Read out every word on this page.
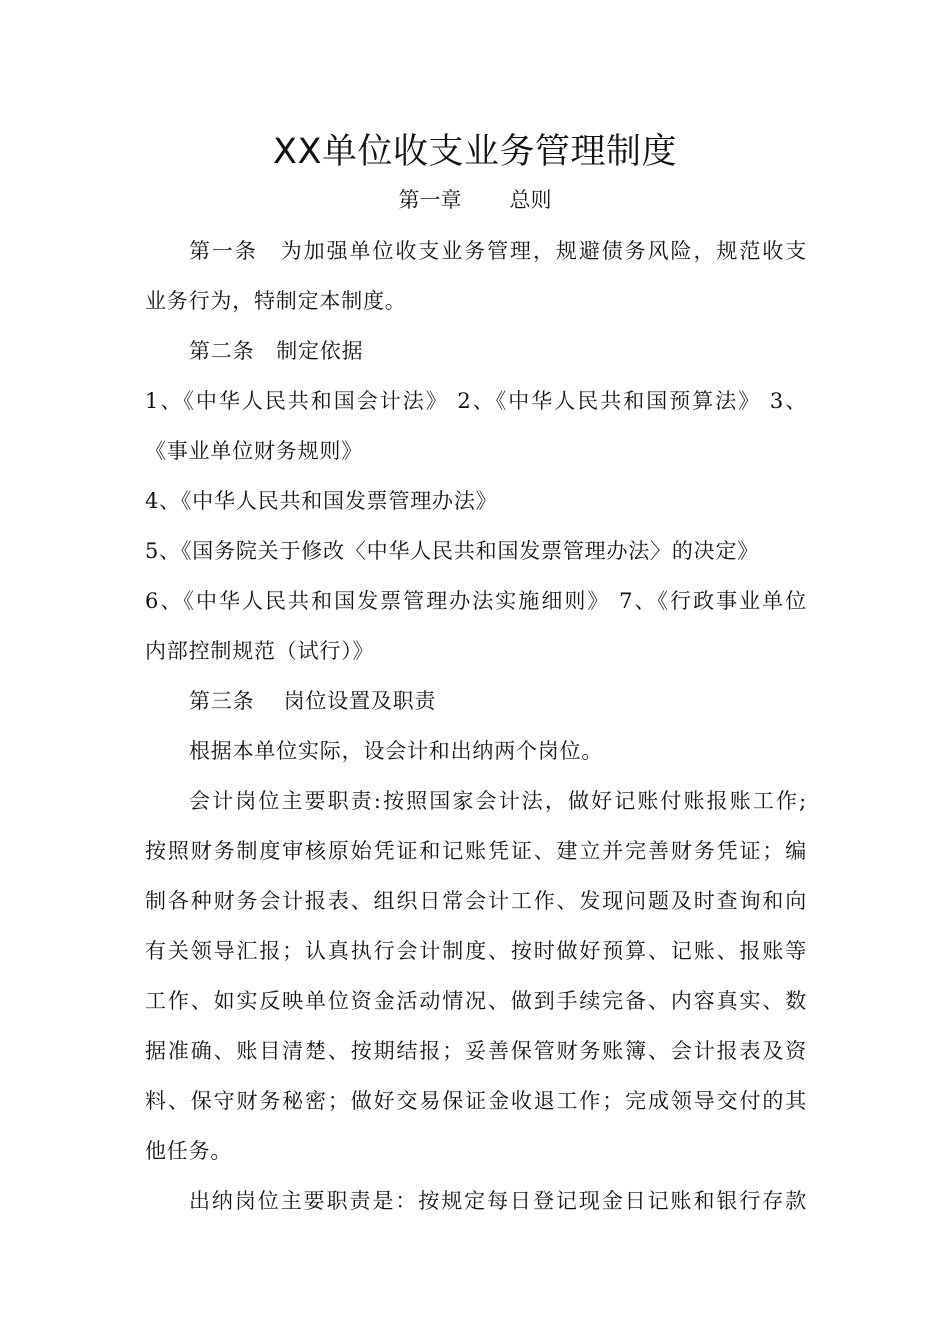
XX单位收支业务管理制度
第一章 总则
第一条　为加强单位收支业务管理，规避债务风险，规范收支
业务行为，特制定本制度。
第二条　制定依据
1、《中华人民共和国会计法》 2、《中华人民共和国预算法》 3、
《事业单位财务规则》
4、《中华人民共和国发票管理办法》
5、《国务院关于修改〈中华人民共和国发票管理办法〉的决定》
6、《中华人民共和国发票管理办法实施细则》 7、《行政事业单位
内部控制规范（试行）》
第三条　 岗位设置及职责
根据本单位实际，设会计和出纳两个岗位。
会计岗位主要职责:按照国家会计法，做好记账付账报账工作;
按照财务制度审核原始凭证和记账凭证、建立并完善财务凭证；编
制各种财务会计报表、组织日常会计工作、发现问题及时查询和向
有关领导汇报；认真执行会计制度、按时做好预算、记账、报账等
工作、如实反映单位资金活动情况、做到手续完备、内容真实、数
据准确、账目清楚、按期结报；妥善保管财务账簿、会计报表及资
料、保守财务秘密；做好交易保证金收退工作；完成领导交付的其
他任务。
出纳岗位主要职责是：按规定每日登记现金日记账和银行存款
